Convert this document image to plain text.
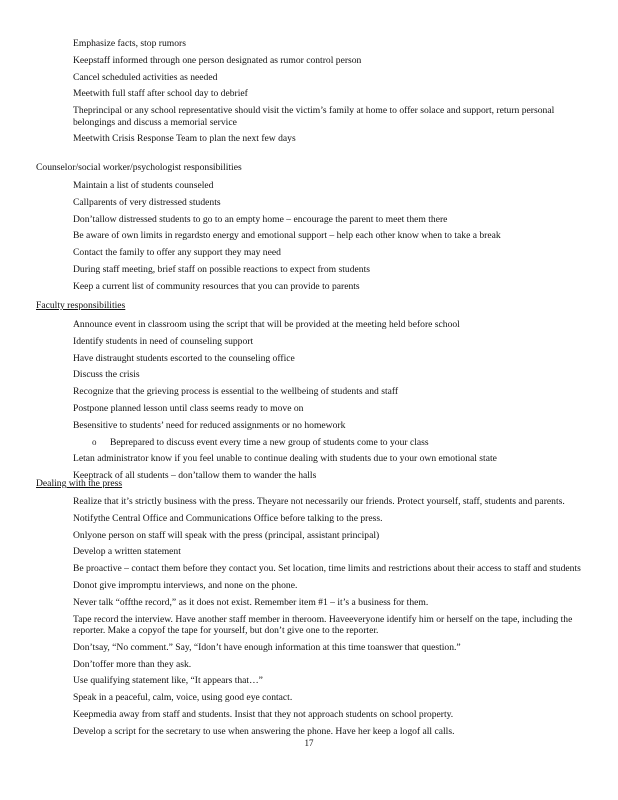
Emphasize facts, stop rumors
Keepstaff informed through one person designated as rumor control person
Cancel scheduled activities as needed
Meetwith full staff after school day to debrief
Theprincipal or any school representative should visit the victim’s family at home to offer solace and support, return personal belongings and discuss a memorial service
Meetwith Crisis Response Team to plan the next few days

Counselor/social worker/psychologist responsibilities

Maintain a list of students counseled
Callparents of very distressed students
Don’tallow distressed students to go to an empty home – encourage the parent to meet them there
Be aware of own limits in regardsto energy and emotional support – help each other know when to take a break
Contact the family to offer any support they may need
During staff meeting, brief staff on possible reactions to expect from students
Keep a current list of community resources that you can provide to parents

Faculty responsibilities

Announce event in classroom using the script that will be provided at the meeting held before school
Identify students in need of counseling support
Have distraught students escorted to the counseling office
Discuss the crisis
Recognize that the grieving process is essential to the wellbeing of students and staff
Postpone planned lesson until class seems ready to move on
Besensitive to students’ need for reduced assignments or no homework
o Beprepared to discuss event every time a new group of students come to your class
Letan administrator know if you feel unable to continue dealing with students due to your own emotional state
Keeptrack of all students – don’tallow them to wander the halls

Dealing with the press

Realize that it’s strictly business with the press. Theyare not necessarily our friends. Protect yourself, staff, students and parents.
Notifythe Central Office and Communications Office before talking to the press.
Onlyone person on staff will speak with the press (principal, assistant principal)
Develop a written statement
Be proactive – contact them before they contact you. Set location, time limits and restrictions about their access to staff and students
Donot give impromptu interviews, and none on the phone.
Never talk “offthe record,” as it does not exist. Remember item #1 – it’s a business for them.
Tape record the interview. Have another staff member in theroom. Haveeveryone identify him or herself on the tape, including the reporter. Make a copyof the tape for yourself, but don’t give one to the reporter.
Don’tsay, “No comment.” Say, “Idon’t have enough information at this time toanswer that question.”
Don’toffer more than they ask.
Use qualifying statement like, “It appears that…”
Speak in a peaceful, calm, voice, using good eye contact.
Keepmedia away from staff and students. Insist that they not approach students on school property.
Develop a script for the secretary to use when answering the phone. Have her keep a logof all calls.
17
